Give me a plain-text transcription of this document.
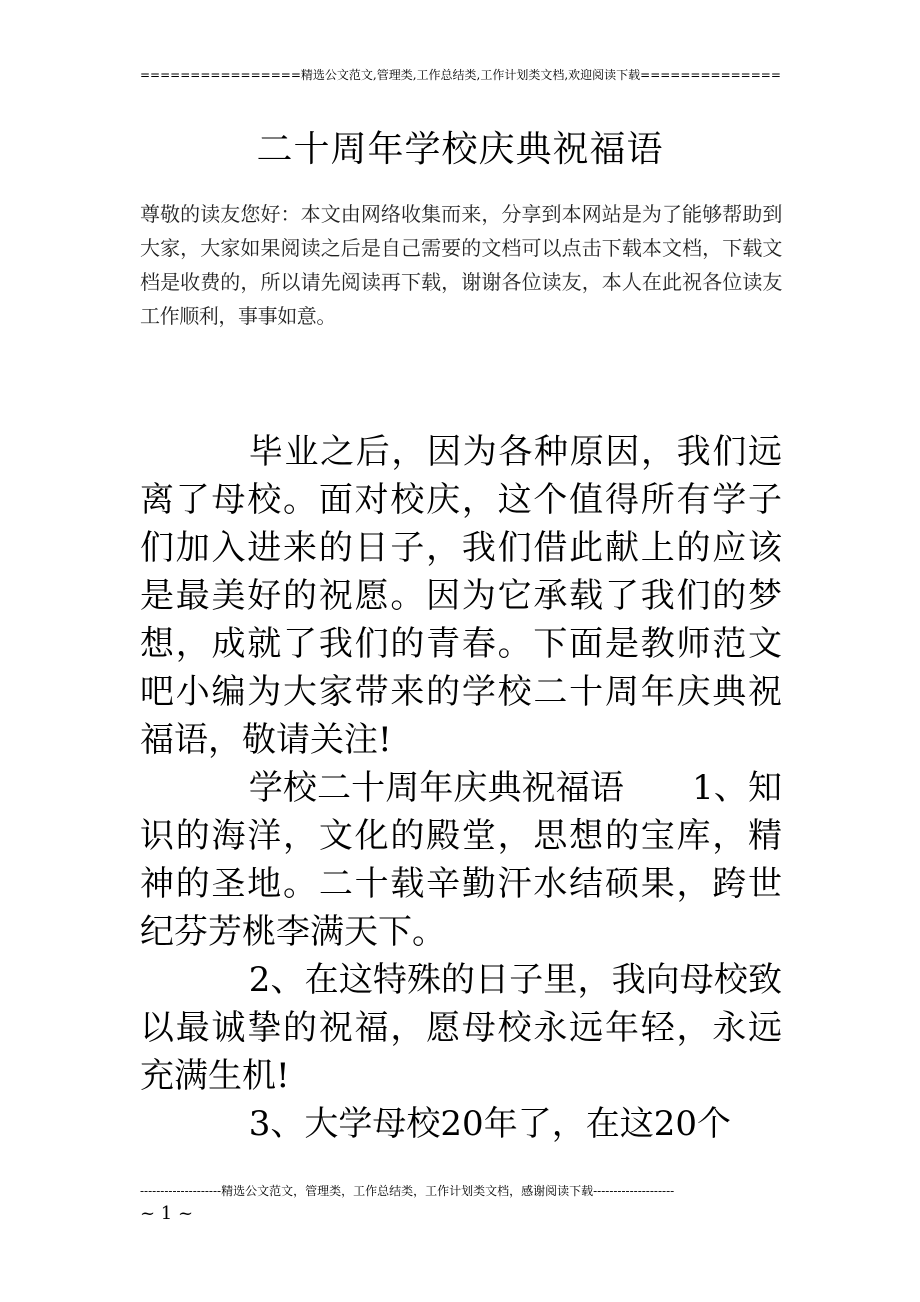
================精选公文范文,管理类,工作总结类,工作计划类文档,欢迎阅读下载==============
二十周年学校庆典祝福语
尊敬的读友您好：本文由网络收集而来，分享到本网站是为了能够帮助到大家，大家如果阅读之后是自己需要的文档可以点击下载本文档，下载文档是收费的，所以请先阅读再下载，谢谢各位读友，本人在此祝各位读友工作顺利，事事如意。

毕业之后，因为各种原因，我们远离了母校。面对校庆，这个值得所有学子们加入进来的日子，我们借此献上的应该是最美好的祝愿。因为它承载了我们的梦想，成就了我们的青春。下面是教师范文吧小编为大家带来的学校二十周年庆典祝福语，敬请关注!

学校二十周年庆典祝福语　　1、知识的海洋，文化的殿堂，思想的宝库，精神的圣地。二十载辛勤汗水结硕果，跨世纪芬芳桃李满天下。

2、在这特殊的日子里，我向母校致以最诚挚的祝福，愿母校永远年轻，永远充满生机!

3、大学母校20年了，在这20个

--------------------精选公文范文，管理类，工作总结类，工作计划类文档，感谢阅读下载--------------------
~ 1 ~
